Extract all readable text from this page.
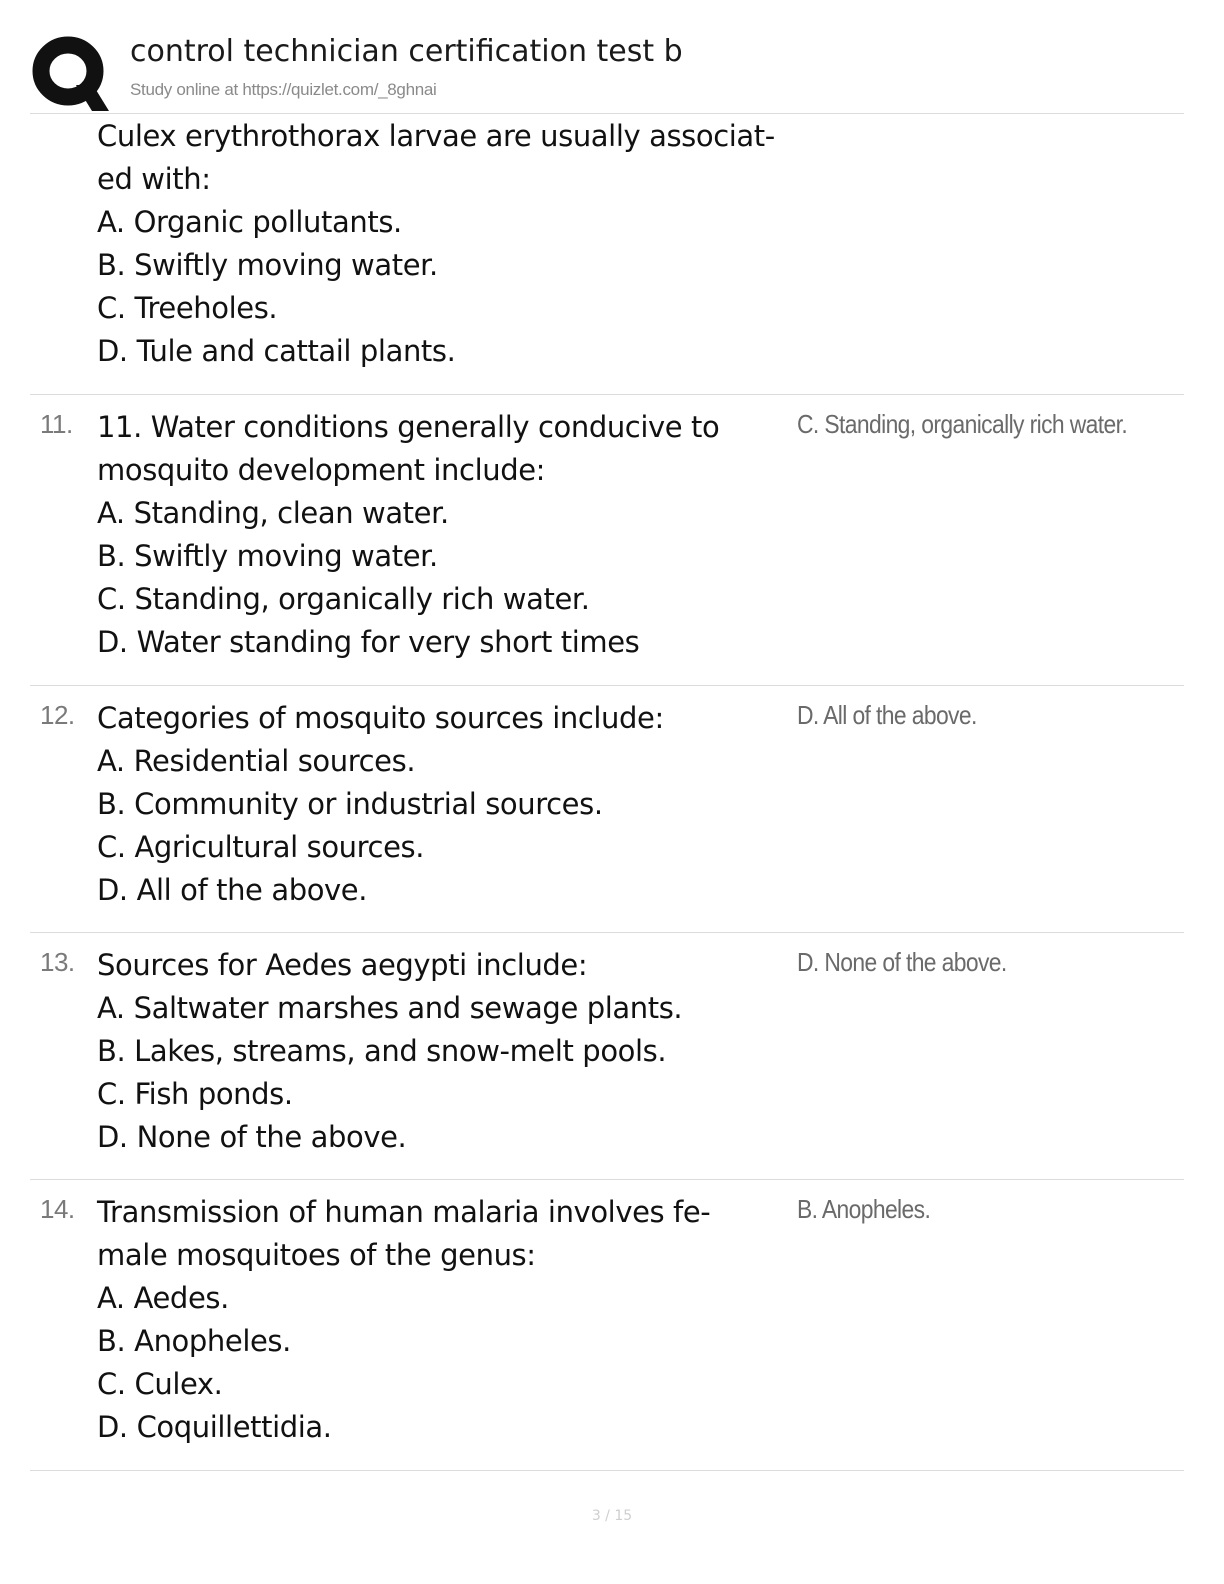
control technician certification test b
Study online at https://quizlet.com/_8ghnai
Culex erythrothorax larvae are usually associat-
ed with:
A. Organic pollutants.
B. Swiftly moving water.
C. Treeholes.
D. Tule and cattail plants.
11. 11. Water conditions generally conducive to
mosquito development include:
A. Standing, clean water.
B. Swiftly moving water.
C. Standing, organically rich water.
D. Water standing for very short times
C. Standing, organically rich water.
12. Categories of mosquito sources include:
A. Residential sources.
B. Community or industrial sources.
C. Agricultural sources.
D. All of the above.
D. All of the above.
13. Sources for Aedes aegypti include:
A. Saltwater marshes and sewage plants.
B. Lakes, streams, and snow-melt pools.
C. Fish ponds.
D. None of the above.
D. None of the above.
14. Transmission of human malaria involves fe-
male mosquitoes of the genus:
A. Aedes.
B. Anopheles.
C. Culex.
D. Coquillettidia.
B. Anopheles.
3 / 15
